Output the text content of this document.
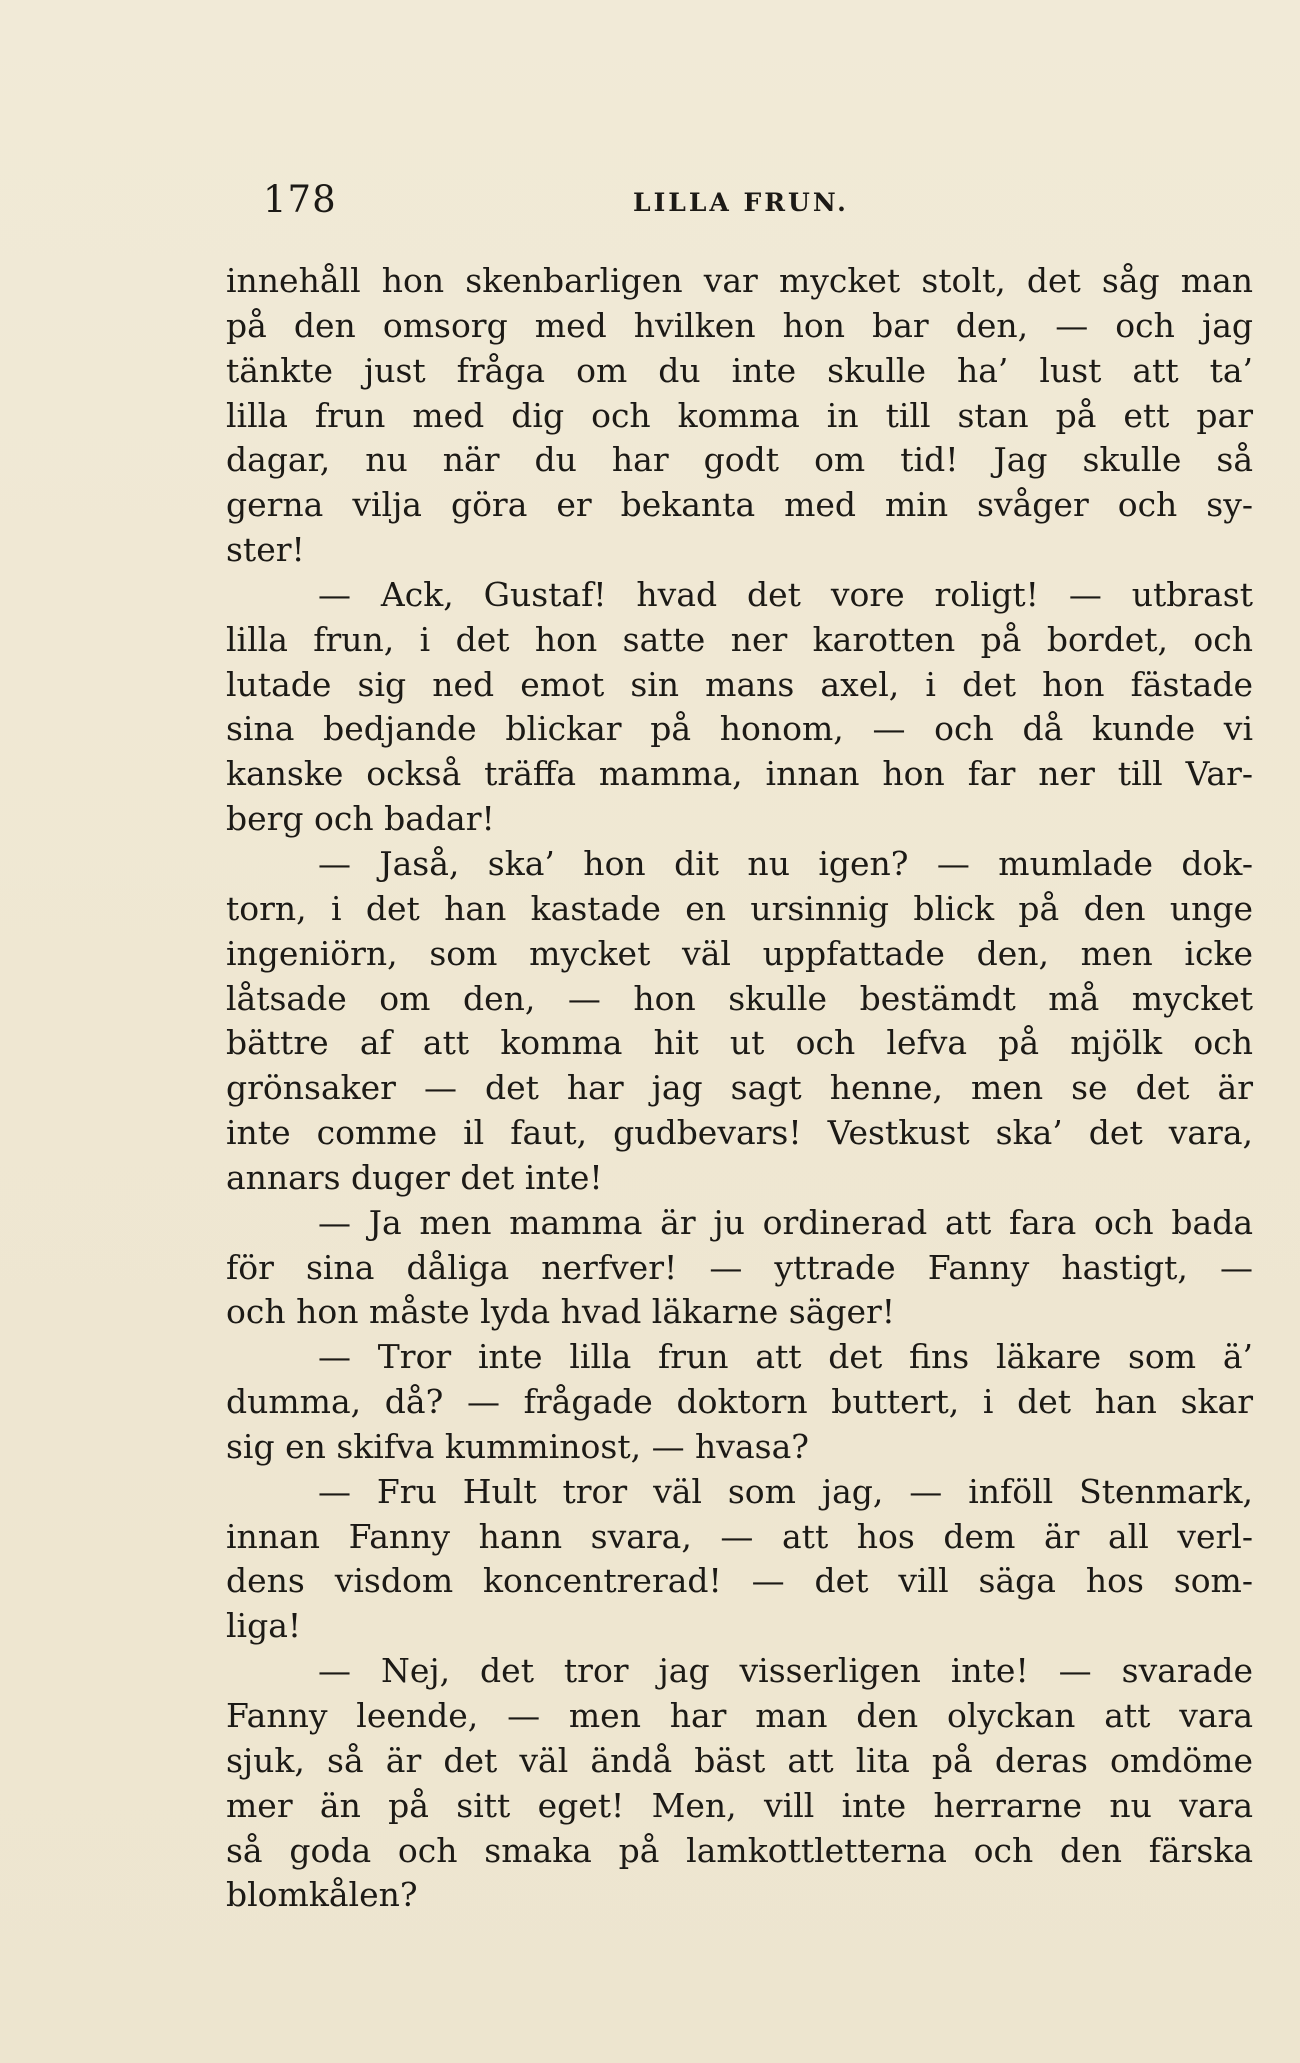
178	LILLA FRUN.
innehåll hon skenbarligen var mycket stolt, det såg man
på den omsorg med hvilken hon bar den, — och jag
tänkte just fråga om du inte skulle ha’ lust att ta’
lilla frun med dig och komma in till stan på ett par
dagar, nu när du har godt om tid! Jag skulle så
gerna vilja göra er bekanta med min svåger och sy-
ster!
— Ack, Gustaf! hvad det vore roligt! — utbrast
lilla frun, i det hon satte ner karotten på bordet, och
lutade sig ned emot sin mans axel, i det hon fästade
sina bedjande blickar på honom, — och då kunde vi
kanske också träffa mamma, innan hon far ner till Var-
berg och badar!
— Jaså, ska’ hon dit nu igen? — mumlade dok-
torn, i det han kastade en ursinnig blick på den unge
ingeniörn, som mycket väl uppfattade den, men icke
låtsade om den, — hon skulle bestämdt må mycket
bättre af att komma hit ut och lefva på mjölk och
grönsaker — det har jag sagt henne, men se det är
inte comme il faut, gudbevars! Vestkust ska’ det vara,
annars duger det inte!
— Ja men mamma är ju ordinerad att fara och bada
för sina dåliga nerfver! — yttrade Fanny hastigt, —
och hon måste lyda hvad läkarne säger!
— Tror inte lilla frun att det fins läkare som ä’
dumma, då? — frågade doktorn buttert, i det han skar
sig en skifva kumminost, — hvasa?
— Fru Hult tror väl som jag, — inföll Stenmark,
innan Fanny hann svara, — att hos dem är all verl-
dens visdom koncentrerad! — det vill säga hos som-
liga!
— Nej, det tror jag visserligen inte! — svarade
Fanny leende, — men har man den olyckan att vara
sjuk, så är det väl ändå bäst att lita på deras omdöme
mer än på sitt eget! Men, vill inte herrarne nu vara
så goda och smaka på lamkottletterna och den färska
blomkålen?
